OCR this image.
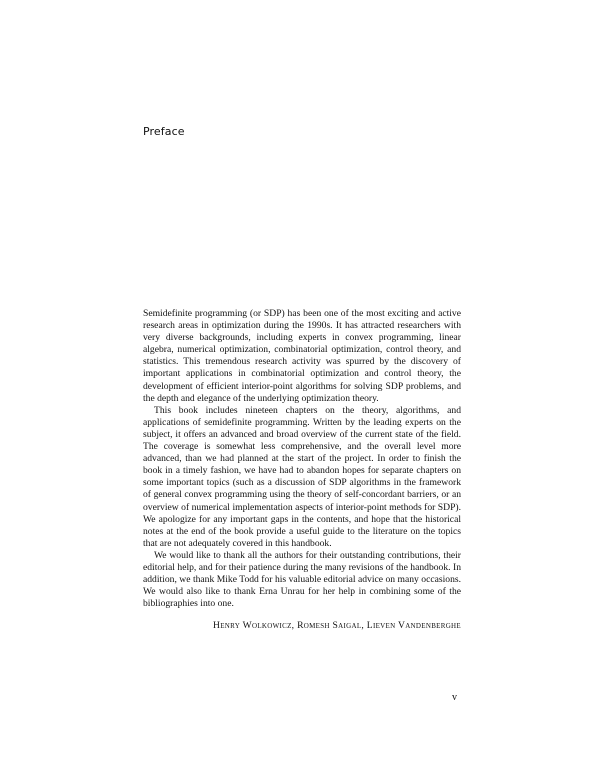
Preface

Semidefinite programming (or SDP) has been one of the most exciting and active research areas in optimization during the 1990s. It has attracted researchers with very diverse backgrounds, including experts in convex programming, linear algebra, numerical optimization, combinatorial optimization, control theory, and statistics. This tremendous research activity was spurred by the discovery of important applications in combinatorial optimization and control theory, the development of efficient interior-point algorithms for solving SDP problems, and the depth and elegance of the underlying optimization theory.

This book includes nineteen chapters on the theory, algorithms, and applications of semidefinite programming. Written by the leading experts on the subject, it offers an advanced and broad overview of the current state of the field. The coverage is somewhat less comprehensive, and the overall level more advanced, than we had planned at the start of the project. In order to finish the book in a timely fashion, we have had to abandon hopes for separate chapters on some important topics (such as a discussion of SDP algorithms in the framework of general convex programming using the theory of self-concordant barriers, or an overview of numerical implementation aspects of interior-point methods for SDP). We apologize for any important gaps in the contents, and hope that the historical notes at the end of the book provide a useful guide to the literature on the topics that are not adequately covered in this handbook.

We would like to thank all the authors for their outstanding contributions, their editorial help, and for their patience during the many revisions of the handbook. In addition, we thank Mike Todd for his valuable editorial advice on many occasions. We would also like to thank Erna Unrau for her help in combining some of the bibliographies into one.

Henry Wolkowicz, Romesh Saigal, Lieven Vandenberghe
v
